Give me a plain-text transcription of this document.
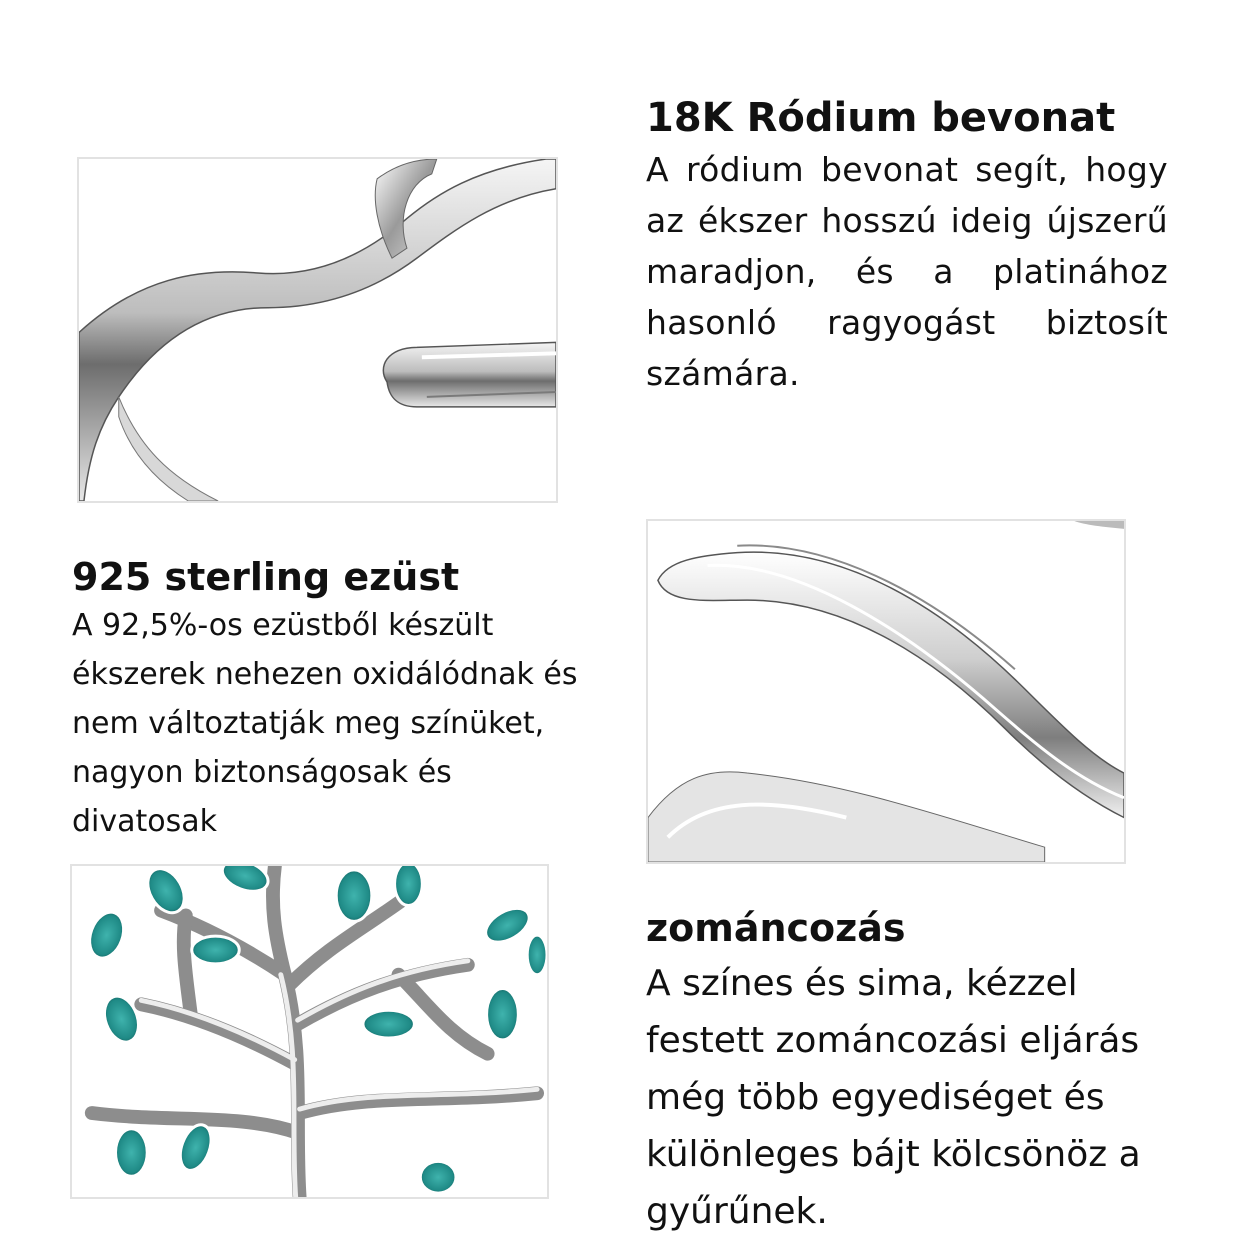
18K Ródium bevonat

A ródium bevonat segít, hogy az ékszer hosszú ideig újszerű maradjon, és a platinához hasonló ragyogást biztosít számára.

925 sterling ezüst

A 92,5%-os ezüstből készült ékszerek nehezen oxidálódnak és nem változtatják meg színüket, nagyon biztonságosak és divatosak

zománcozás

A színes és sima, kézzel festett zománcozási eljárás még több egyediséget és különleges bájt kölcsönöz a gyűrűnek.
